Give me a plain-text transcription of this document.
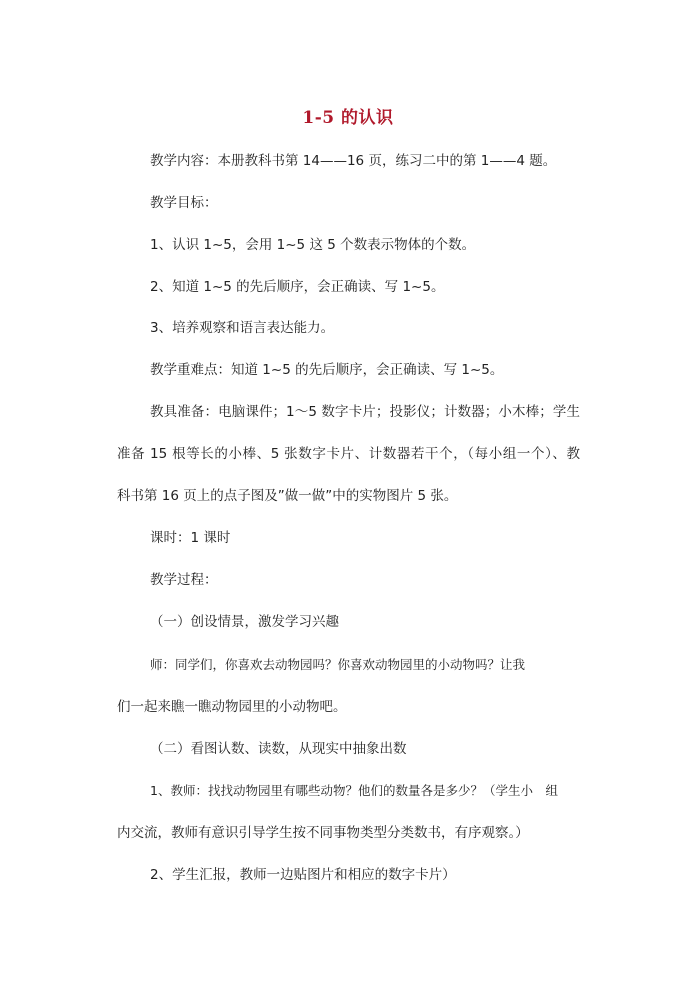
1-5 的认识
教学内容：本册教科书第 14——16 页，练习二中的第 1——4 题。
教学目标：
1、认识 1~5，会用 1~5 这 5 个数表示物体的个数。
2、知道 1~5 的先后顺序，会正确读、写 1~5。
3、培养观察和语言表达能力。
教学重难点：知道 1~5 的先后顺序，会正确读、写 1~5。
教具准备：电脑课件；1～5 数字卡片；投影仪；计数器；小木棒；学生
准备 15 根等长的小棒、5 张数字卡片、计数器若干个，（每小组一个）、教
科书第 16 页上的点子图及”做一做”中的实物图片 5 张。
课时：1 课时
教学过程：
（一）创设情景，激发学习兴趣
师：同学们，你喜欢去动物园吗？你喜欢动物园里的小动物吗？让我
们一起来瞧一瞧动物园里的小动物吧。
（二）看图认数、读数，从现实中抽象出数
1、教师：找找动物园里有哪些动物？他们的数量各是多少？（学生小　组
内交流，教师有意识引导学生按不同事物类型分类数书，有序观察。）
2、学生汇报，教师一边贴图片和相应的数字卡片）
